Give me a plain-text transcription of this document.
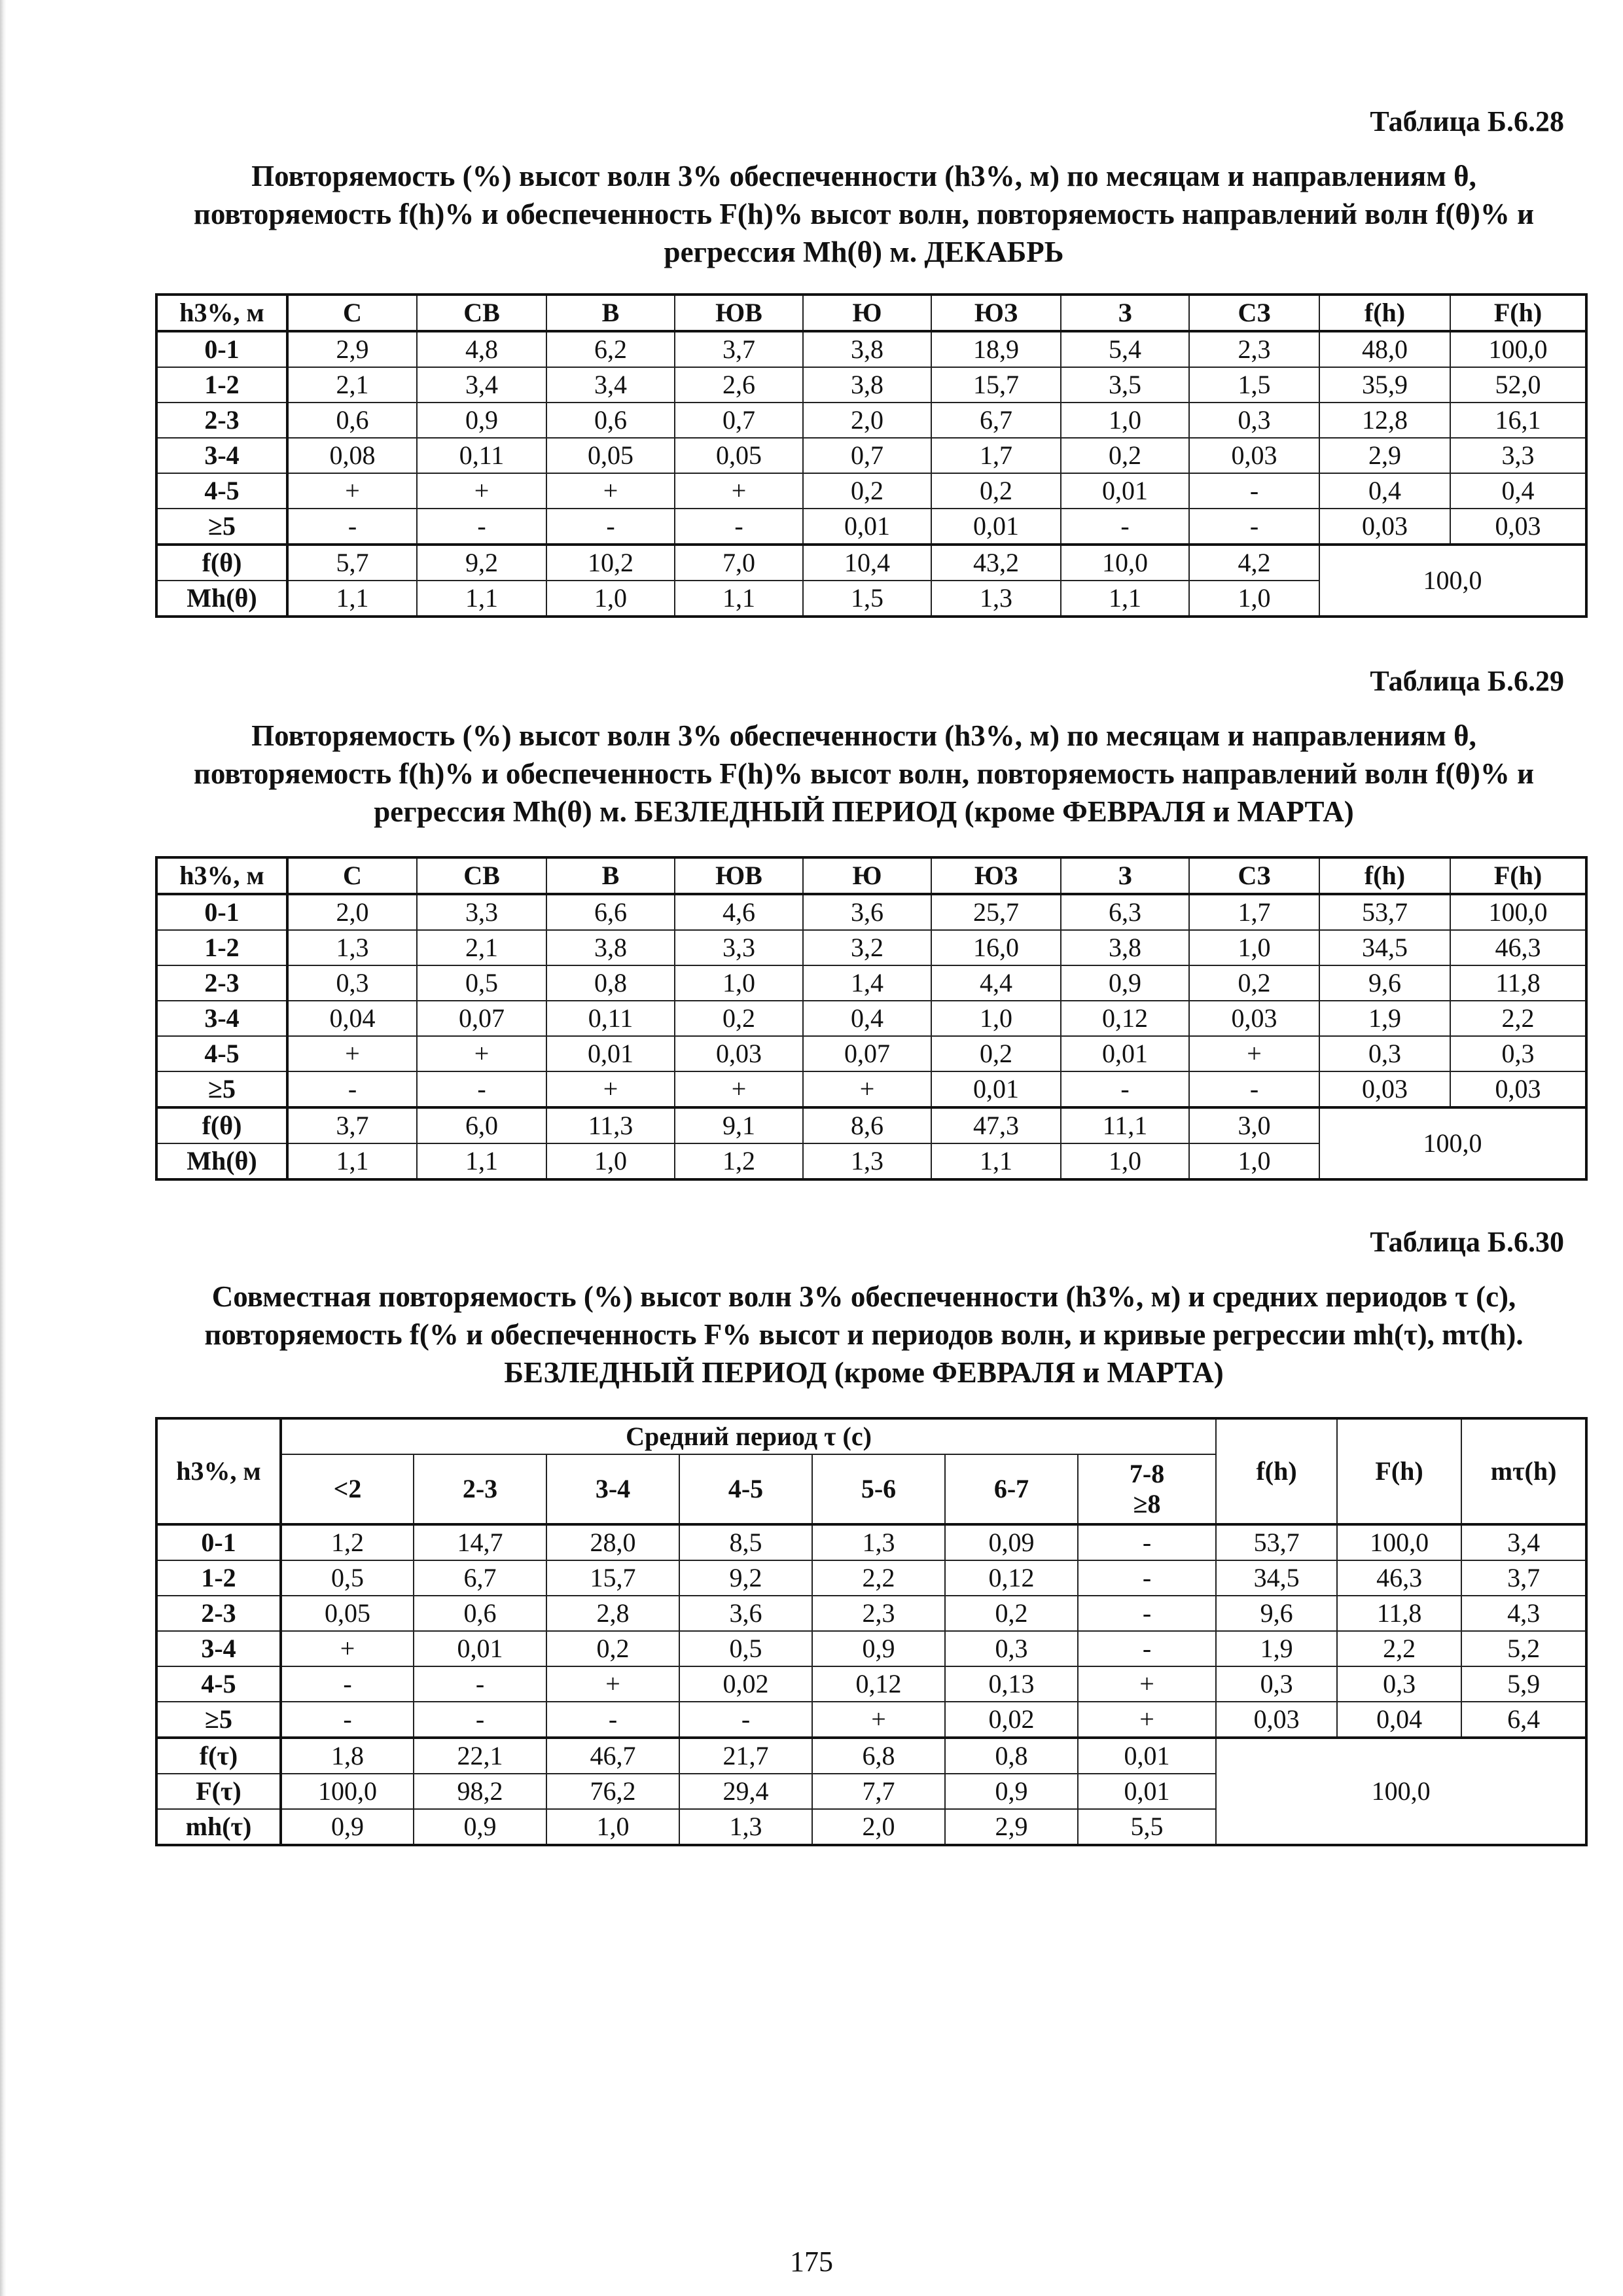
Таблица Б.6.28
Повторяемость (%) высот волн 3% обеспеченности (h3%, м) по месяцам и направлениям θ, повторяемость f(h)% и обеспеченность F(h)% высот волн, повторяемость направлений волн f(θ)% и регрессия Mh(θ) м. ДЕКАБРЬ
h3%, м	С	СВ	В	ЮВ	Ю	ЮЗ	З	СЗ	f(h)	F(h)
0-1	2,9	4,8	6,2	3,7	3,8	18,9	5,4	2,3	48,0	100,0
1-2	2,1	3,4	3,4	2,6	3,8	15,7	3,5	1,5	35,9	52,0
2-3	0,6	0,9	0,6	0,7	2,0	6,7	1,0	0,3	12,8	16,1
3-4	0,08	0,11	0,05	0,05	0,7	1,7	0,2	0,03	2,9	3,3
4-5	+	+	+	+	0,2	0,2	0,01	-	0,4	0,4
≥5	-	-	-	-	0,01	0,01	-	-	0,03	0,03
f(θ)	5,7	9,2	10,2	7,0	10,4	43,2	10,0	4,2	100,0	
Mh(θ)	1,1	1,1	1,0	1,1	1,5	1,3	1,1	1,0		
Таблица Б.6.29
Повторяемость (%) высот волн 3% обеспеченности (h3%, м) по месяцам и направлениям θ, повторяемость f(h)% и обеспеченность F(h)% высот волн, повторяемость направлений волн f(θ)% и регрессия Mh(θ) м. БЕЗЛЕДНЫЙ ПЕРИОД (кроме ФЕВРАЛЯ и МАРТА)
h3%, м	С	СВ	В	ЮВ	Ю	ЮЗ	З	СЗ	f(h)	F(h)
0-1	2,0	3,3	6,6	4,6	3,6	25,7	6,3	1,7	53,7	100,0
1-2	1,3	2,1	3,8	3,3	3,2	16,0	3,8	1,0	34,5	46,3
2-3	0,3	0,5	0,8	1,0	1,4	4,4	0,9	0,2	9,6	11,8
3-4	0,04	0,07	0,11	0,2	0,4	1,0	0,12	0,03	1,9	2,2
4-5	+	+	0,01	0,03	0,07	0,2	0,01	+	0,3	0,3
≥5	-	-	+	+	+	0,01	-	-	0,03	0,03
f(θ)	3,7	6,0	11,3	9,1	8,6	47,3	11,1	3,0	100,0	
Mh(θ)	1,1	1,1	1,0	1,2	1,3	1,1	1,0	1,0		
Таблица Б.6.30
Совместная повторяемость (%) высот волн 3% обеспеченности (h3%, м) и средних периодов τ (с), повторяемость f(% и обеспеченность F% высот и периодов волн, и кривые регрессии mh(τ), mτ(h). БЕЗЛЕДНЫЙ ПЕРИОД (кроме ФЕВРАЛЯ и МАРТА)
h3%, м	Средний период τ (с)							f(h)	F(h)	mτ(h)
	<2	2-3	3-4	4-5	5-6	6-7	7-8 ≥8			
0-1	1,2	14,7	28,0	8,5	1,3	0,09	-	53,7	100,0	3,4
1-2	0,5	6,7	15,7	9,2	2,2	0,12	-	34,5	46,3	3,7
2-3	0,05	0,6	2,8	3,6	2,3	0,2	-	9,6	11,8	4,3
3-4	+	0,01	0,2	0,5	0,9	0,3	-	1,9	2,2	5,2
4-5	-	-	+	0,02	0,12	0,13	+	0,3	0,3	5,9
≥5	-	-	-	-	+	0,02	+	0,03	0,04	6,4
f(τ)	1,8	22,1	46,7	21,7	6,8	0,8	0,01	100,0		
F(τ)	100,0	98,2	76,2	29,4	7,7	0,9	0,01			
mh(τ)	0,9	0,9	1,0	1,3	2,0	2,9	5,5			
175
